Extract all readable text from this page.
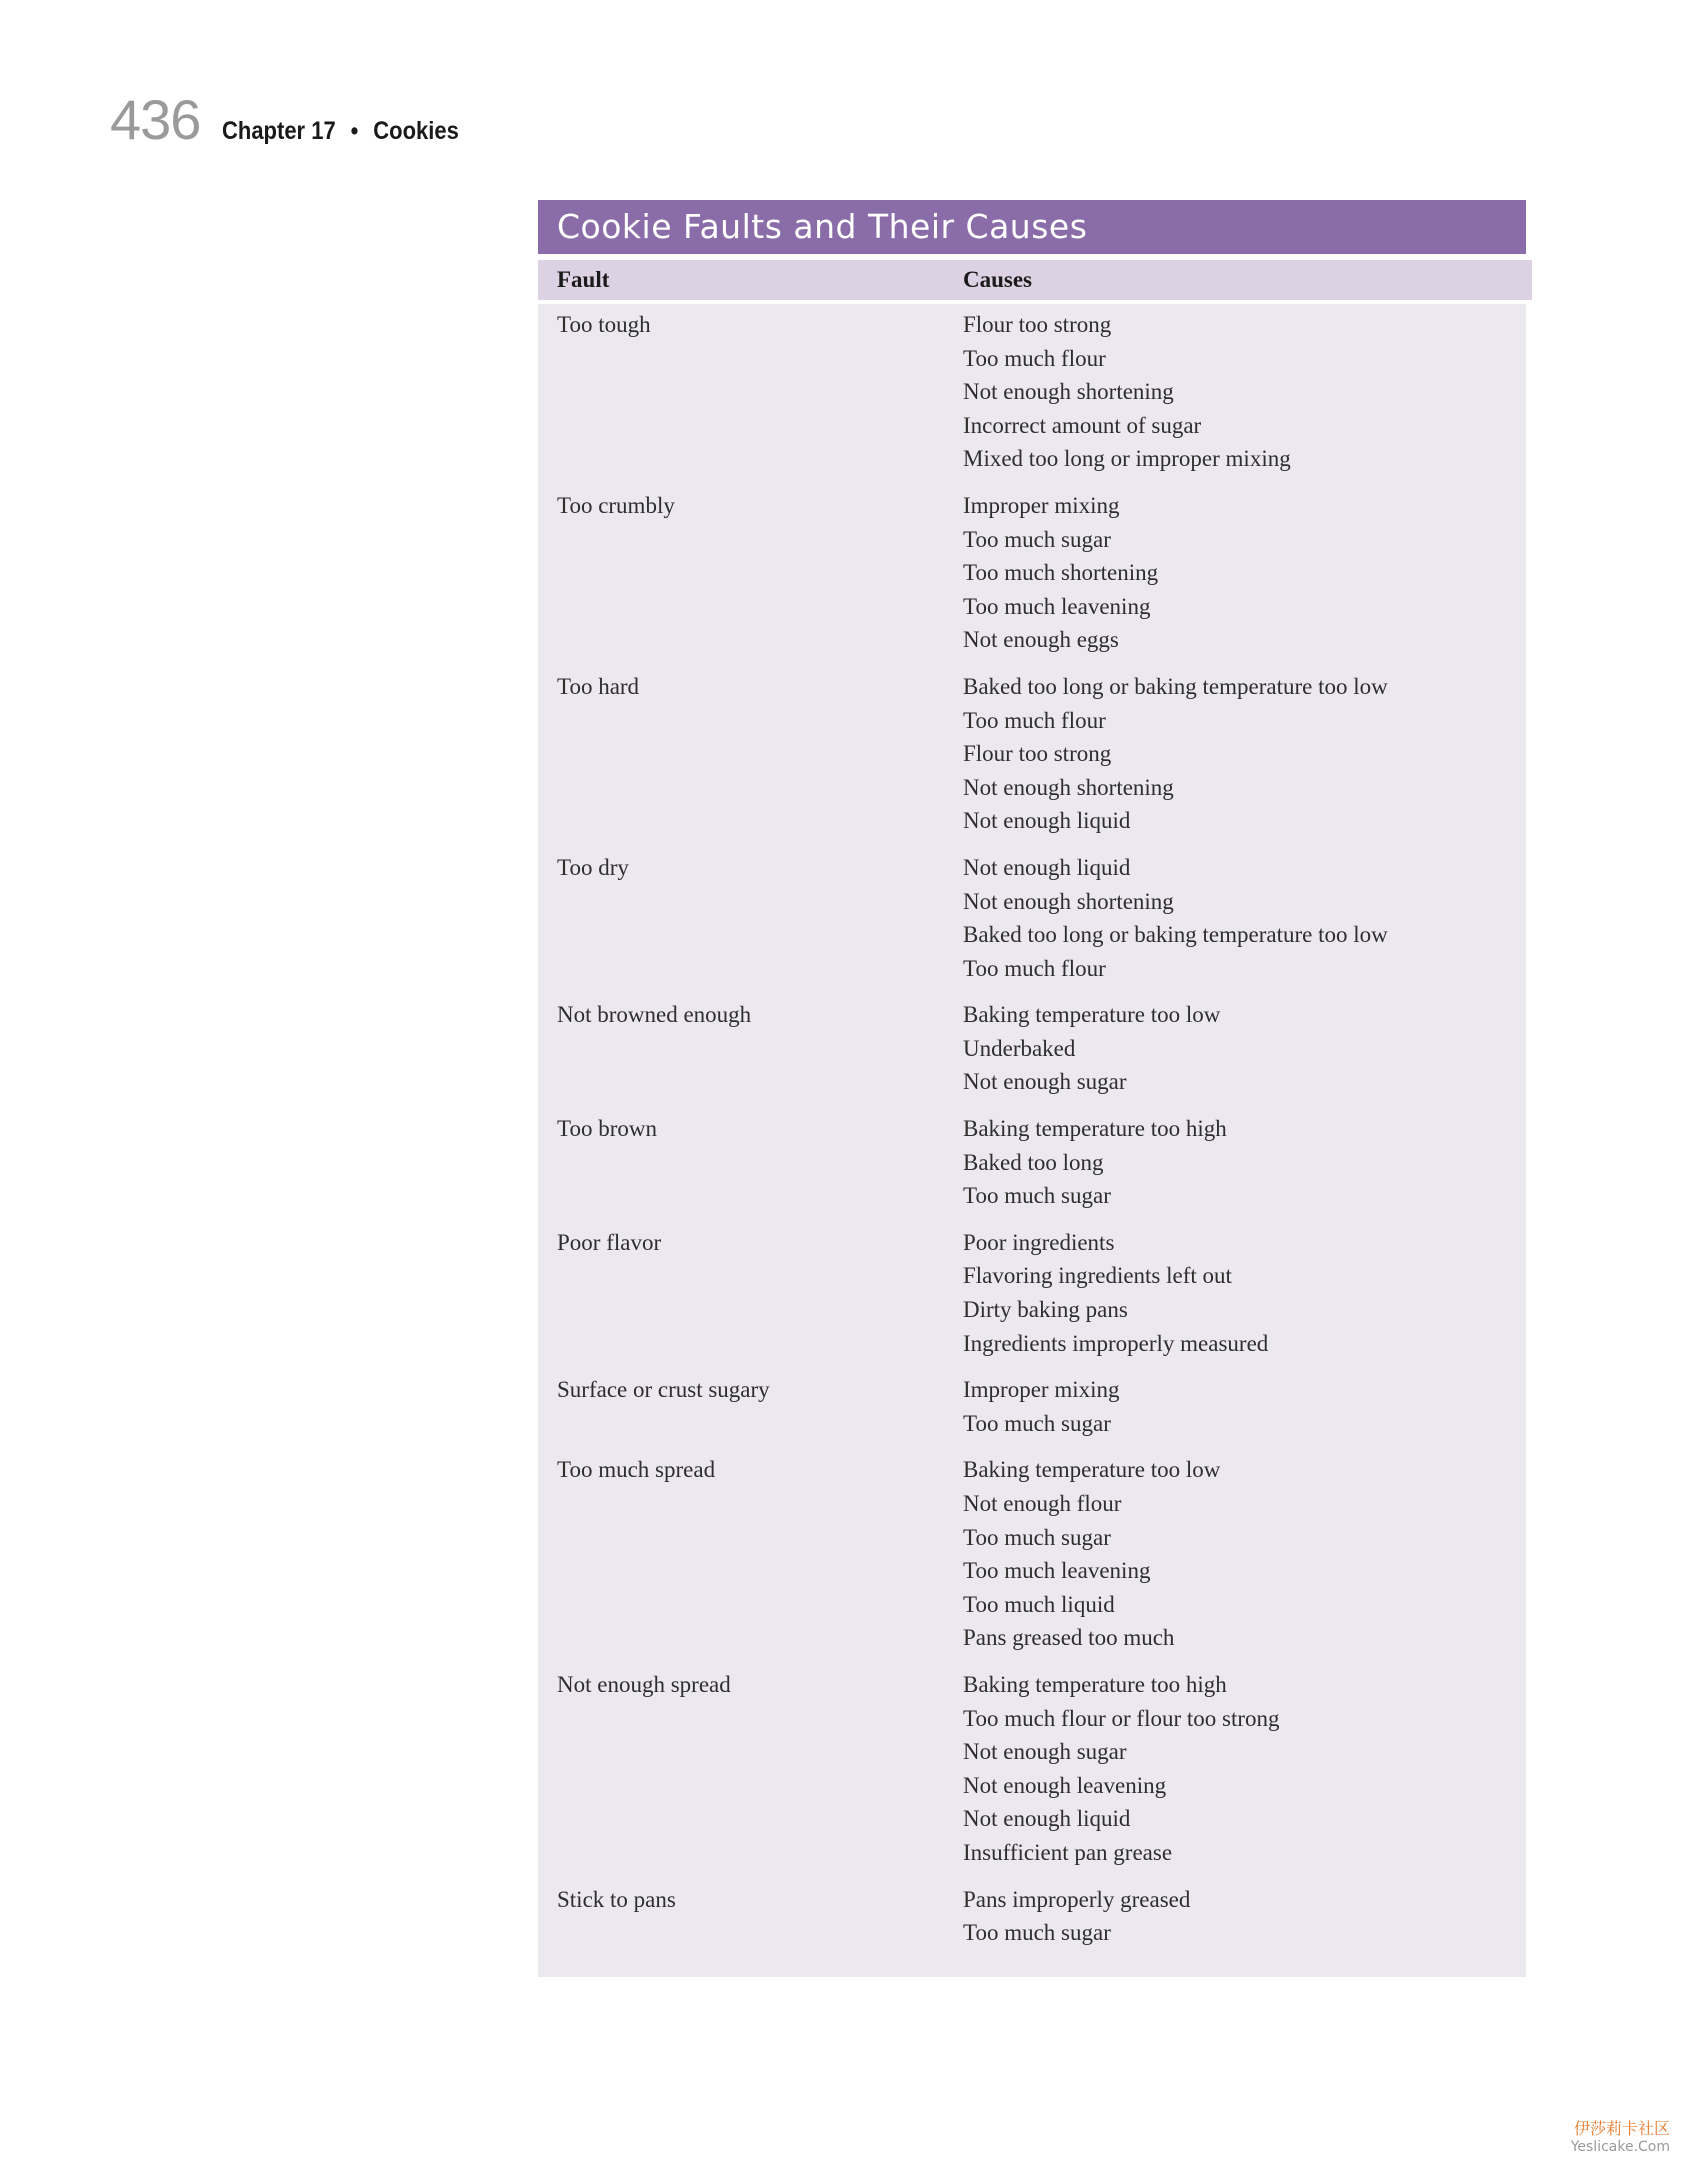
436 Chapter 17 • Cookies
Cookie Faults and Their Causes
Fault	Causes
Too tough	Flour too strong
Too much flour
Not enough shortening
Incorrect amount of sugar
Mixed too long or improper mixing
Too crumbly	Improper mixing
Too much sugar
Too much shortening
Too much leavening
Not enough eggs
Too hard	Baked too long or baking temperature too low
Too much flour
Flour too strong
Not enough shortening
Not enough liquid
Too dry	Not enough liquid
Not enough shortening
Baked too long or baking temperature too low
Too much flour
Not browned enough	Baking temperature too low
Underbaked
Not enough sugar
Too brown	Baking temperature too high
Baked too long
Too much sugar
Poor flavor	Poor ingredients
Flavoring ingredients left out
Dirty baking pans
Ingredients improperly measured
Surface or crust sugary	Improper mixing
Too much sugar
Too much spread	Baking temperature too low
Not enough flour
Too much sugar
Too much leavening
Too much liquid
Pans greased too much
Not enough spread	Baking temperature too high
Too much flour or flour too strong
Not enough sugar
Not enough leavening
Not enough liquid
Insufficient pan grease
Stick to pans	Pans improperly greased
Too much sugar
伊莎莉卡社区
Yeslicake.Com
